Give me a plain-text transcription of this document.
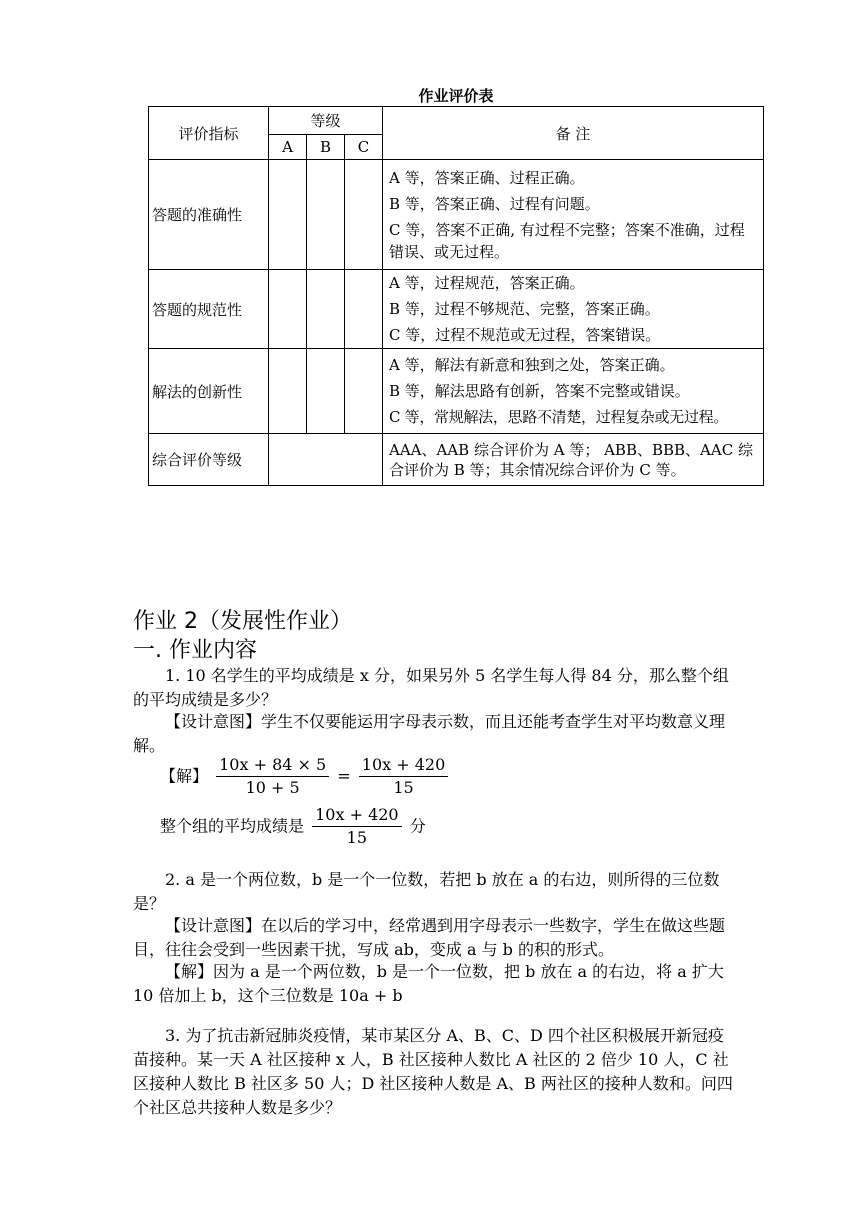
作业评价表
评价指标	等级			备 注
	A	B	C	
答题的准确性				A 等，答案正确、过程正确。
B 等，答案正确、过程有问题。
C 等，答案不正确, 有过程不完整；答案不准确，过程错误、或无过程。

答题的规范性				A 等，过程规范，答案正确。
B 等，过程不够规范、完整，答案正确。
C 等，过程不规范或无过程，答案错误。

解法的创新性				A 等，解法有新意和独到之处，答案正确。
B 等，解法思路有创新，答案不完整或错误。
C 等，常规解法，思路不清楚，过程复杂或无过程。

综合评价等级				AAA、AAB 综合评价为 A 等； ABB、BBB、AAC 综合评价为 B 等；其余情况综合评价为 C 等。
作业 2（发展性作业）
一. 作业内容
1. 10 名学生的平均成绩是 x 分，如果另外 5 名学生每人得 84 分，那么整个组的平均成绩是多少？
【设计意图】学生不仅要能运用字母表示数，而且还能考查学生对平均数意义理解。
【解】 $\frac{10x + 84 \times 5}{10 + 5} = \frac{10x + 420}{15}$
整个组的平均成绩是 $\frac{10x + 420}{15}$ 分
2. a 是一个两位数，b 是一个一位数，若把 b 放在 a 的右边，则所得的三位数是？
【设计意图】在以后的学习中，经常遇到用字母表示一些数字，学生在做这些题目，往往会受到一些因素干扰，写成 ab，变成 a 与 b 的积的形式。
【解】因为 a 是一个两位数，b 是一个一位数，把 b 放在 a 的右边，将 a 扩大 10 倍加上 b，这个三位数是 10a + b
3. 为了抗击新冠肺炎疫情，某市某区分 A、B、C、D 四个社区积极展开新冠疫苗接种。某一天 A 社区接种 x 人，B 社区接种人数比 A 社区的 2 倍少 10 人，C 社区接种人数比 B 社区多 50 人；D 社区接种人数是 A、B 两社区的接种人数和。问四个社区总共接种人数是多少？
